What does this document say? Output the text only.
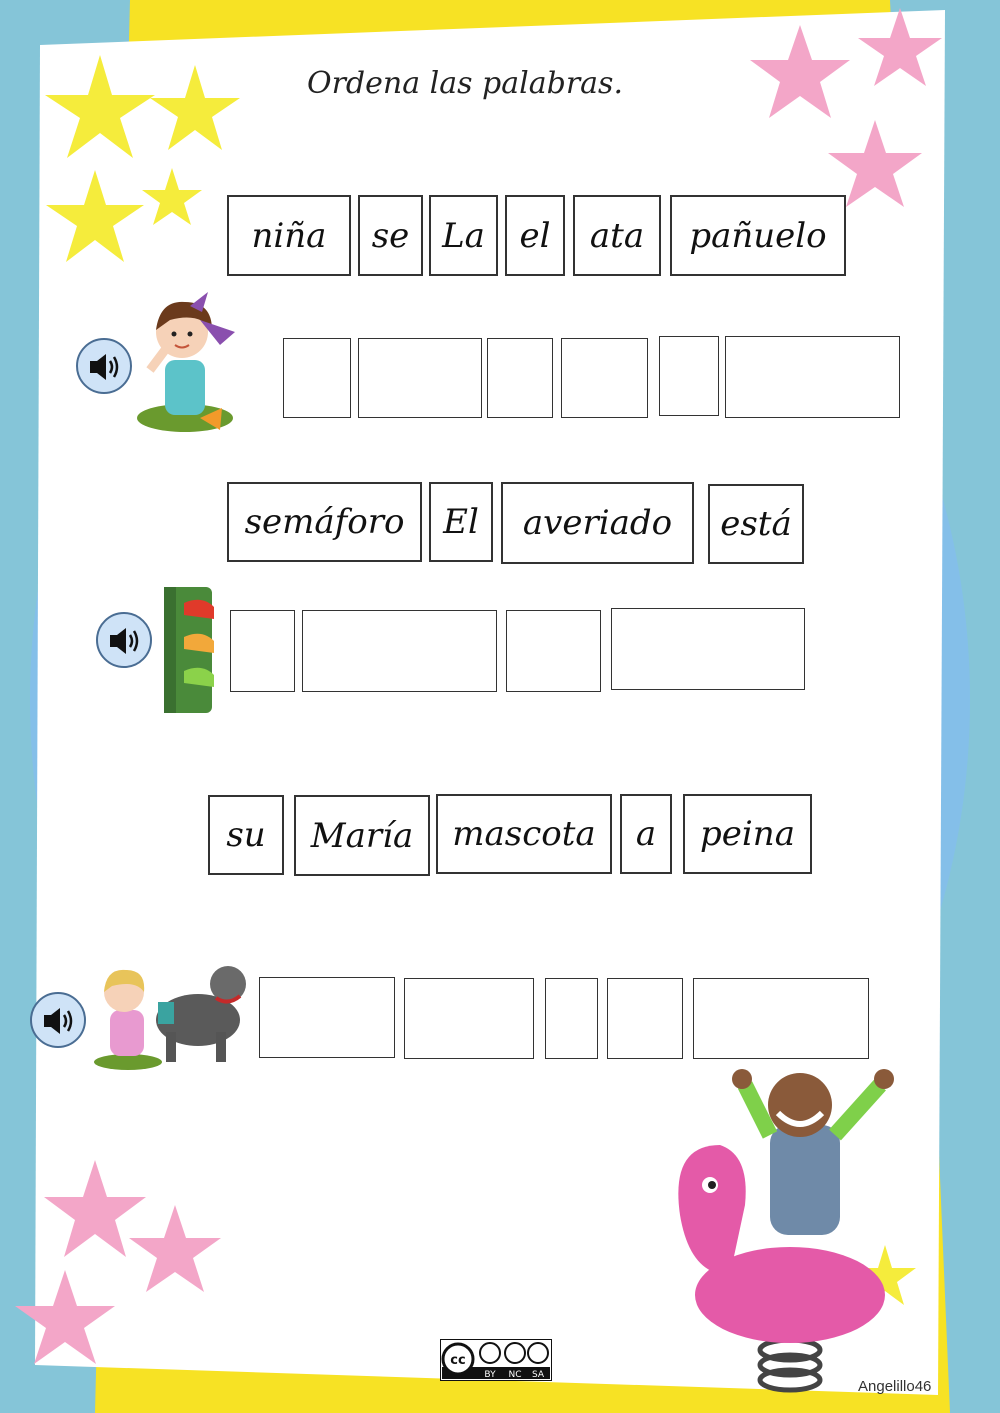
Ordena las palabras.
niña	se La	el	ata	pañuelo
semáforo	El	averiado	está
su	María	mascota	a	peina
cc
BY NC SA
Angelillo46
